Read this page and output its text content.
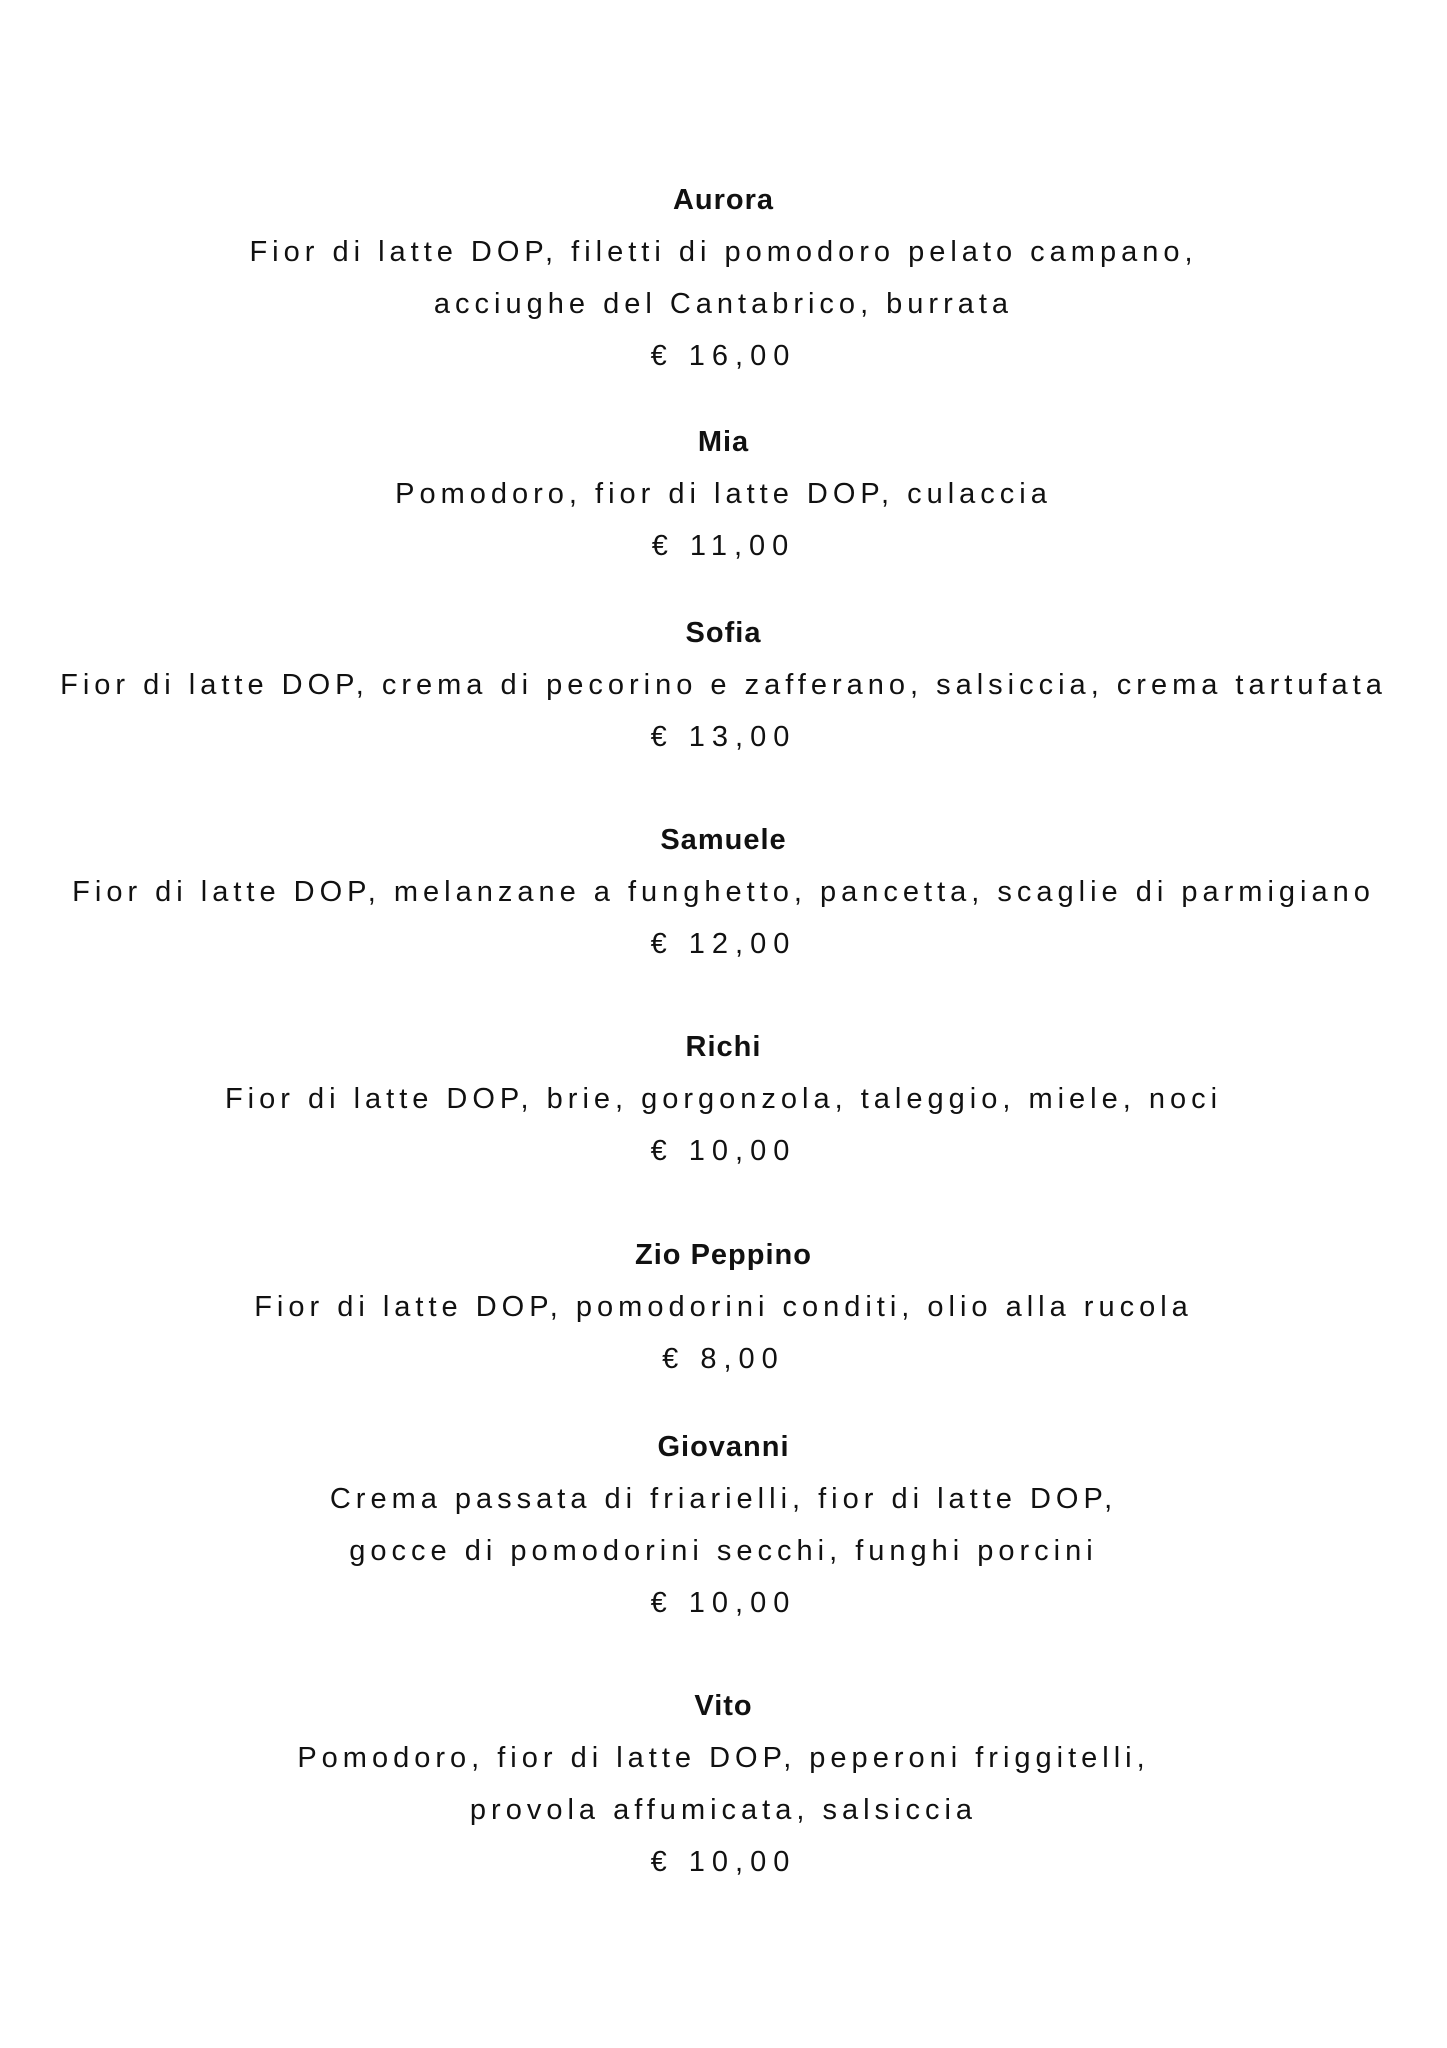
Aurora
Fior di latte DOP, filetti di pomodoro pelato campano,
acciughe del Cantabrico, burrata
€ 16,00
Mia
Pomodoro, fior di latte DOP, culaccia
€ 11,00
Sofia
Fior di latte DOP, crema di pecorino e zafferano, salsiccia, crema tartufata
€ 13,00
Samuele
Fior di latte DOP, melanzane a funghetto, pancetta, scaglie di parmigiano
€ 12,00
Richi
Fior di latte DOP, brie, gorgonzola, taleggio, miele, noci
€ 10,00
Zio Peppino
Fior di latte DOP, pomodorini conditi, olio alla rucola
€ 8,00
Giovanni
Crema passata di friarielli, fior di latte DOP,
gocce di pomodorini secchi, funghi porcini
€ 10,00
Vito
Pomodoro, fior di latte DOP, peperoni friggitelli,
provola affumicata, salsiccia
€ 10,00
